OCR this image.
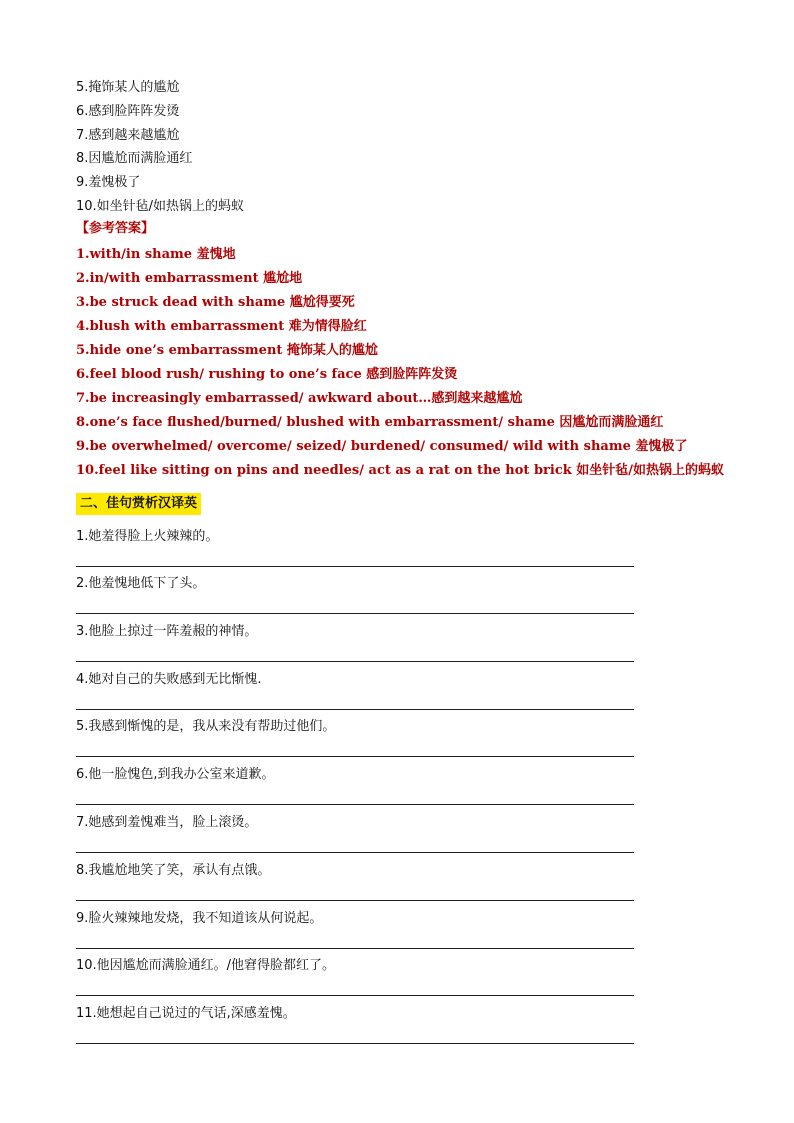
5.掩饰某人的尴尬
6.感到脸阵阵发烫
7.感到越来越尴尬
8.因尴尬而满脸通红
9.羞愧极了
10.如坐针毡/如热锅上的蚂蚁
【参考答案】
1.with/in shame 羞愧地
2.in/with embarrassment 尴尬地
3.be struck dead with shame 尴尬得要死
4.blush with embarrassment 难为情得脸红
5.hide one’s embarrassment 掩饰某人的尴尬
6.feel blood rush/ rushing to one’s face 感到脸阵阵发烫
7.be increasingly embarrassed/ awkward about…感到越来越尴尬
8.one’s face flushed/burned/ blushed with embarrassment/ shame 因尴尬而满脸通红
9.be overwhelmed/ overcome/ seized/ burdened/ consumed/ wild with shame 羞愧极了
10.feel like sitting on pins and needles/ act as a rat on the hot brick 如坐针毡/如热锅上的蚂蚁
二、佳句赏析汉译英
1.她羞得脸上火辣辣的。
2.他羞愧地低下了头。
3.他脸上掠过一阵羞赧的神情。
4.她对自己的失败感到无比惭愧.
5.我感到惭愧的是，我从来没有帮助过他们。
6.他一脸愧色,到我办公室来道歉。
7.她感到羞愧难当，脸上滚烫。
8.我尴尬地笑了笑，承认有点饿。
9.脸火辣辣地发烧，我不知道该从何说起。
10.他因尴尬而满脸通红。/他窘得脸都红了。
11.她想起自己说过的气话,深感羞愧。
